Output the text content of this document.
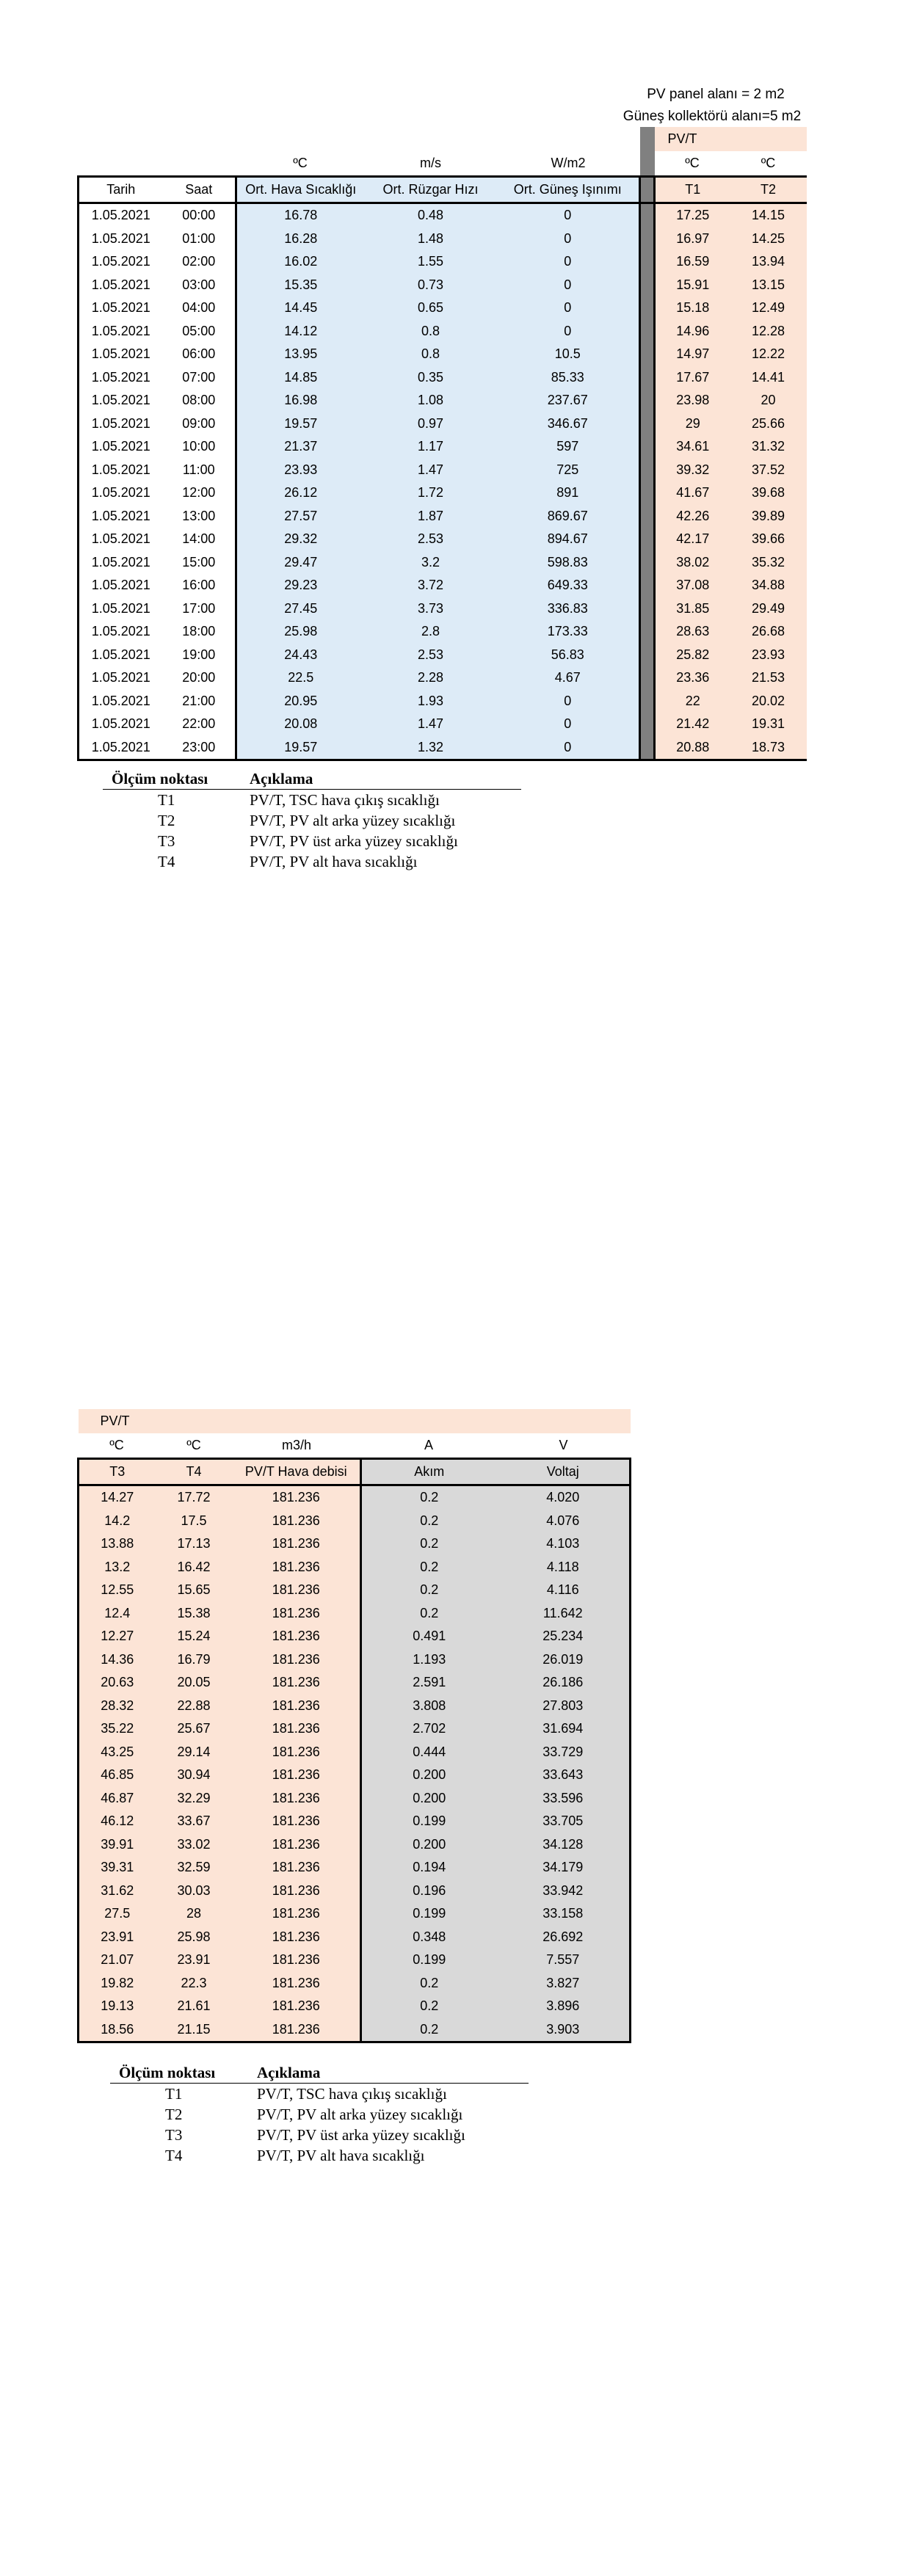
PV panel alanı = 2 m2
Güneş kollektörü alanı=5 m2
						PV/T	
		ºC	m/s	W/m2		ºC	ºC
Tarih	Saat	Ort. Hava Sıcaklığı	Ort. Rüzgar Hızı	Ort. Güneş Işınımı		T1	T2
1.05.2021	00:00	16.78	0.48	0		17.25	14.15
1.05.2021	01:00	16.28	1.48	0		16.97	14.25
1.05.2021	02:00	16.02	1.55	0		16.59	13.94
1.05.2021	03:00	15.35	0.73	0		15.91	13.15
1.05.2021	04:00	14.45	0.65	0		15.18	12.49
1.05.2021	05:00	14.12	0.8	0		14.96	12.28
1.05.2021	06:00	13.95	0.8	10.5		14.97	12.22
1.05.2021	07:00	14.85	0.35	85.33		17.67	14.41
1.05.2021	08:00	16.98	1.08	237.67		23.98	20
1.05.2021	09:00	19.57	0.97	346.67		29	25.66
1.05.2021	10:00	21.37	1.17	597		34.61	31.32
1.05.2021	11:00	23.93	1.47	725		39.32	37.52
1.05.2021	12:00	26.12	1.72	891		41.67	39.68
1.05.2021	13:00	27.57	1.87	869.67		42.26	39.89
1.05.2021	14:00	29.32	2.53	894.67		42.17	39.66
1.05.2021	15:00	29.47	3.2	598.83		38.02	35.32
1.05.2021	16:00	29.23	3.72	649.33		37.08	34.88
1.05.2021	17:00	27.45	3.73	336.83		31.85	29.49
1.05.2021	18:00	25.98	2.8	173.33		28.63	26.68
1.05.2021	19:00	24.43	2.53	56.83		25.82	23.93
1.05.2021	20:00	22.5	2.28	4.67		23.36	21.53
1.05.2021	21:00	20.95	1.93	0		22	20.02
1.05.2021	22:00	20.08	1.47	0		21.42	19.31
1.05.2021	23:00	19.57	1.32	0		20.88	18.73
Ölçüm noktası	Açıklama
T1	PV/T, TSC hava çıkış sıcaklığı
T2	PV/T, PV alt arka yüzey sıcaklığı
T3	PV/T, PV üst arka yüzey sıcaklığı
T4	PV/T, PV alt hava sıcaklığı
PV/T				
ºC	ºC	m3/h	A	V
T3	T4	PV/T Hava debisi	Akım	Voltaj
14.27	17.72	181.236	0.2	4.020
14.2	17.5	181.236	0.2	4.076
13.88	17.13	181.236	0.2	4.103
13.2	16.42	181.236	0.2	4.118
12.55	15.65	181.236	0.2	4.116
12.4	15.38	181.236	0.2	11.642
12.27	15.24	181.236	0.491	25.234
14.36	16.79	181.236	1.193	26.019
20.63	20.05	181.236	2.591	26.186
28.32	22.88	181.236	3.808	27.803
35.22	25.67	181.236	2.702	31.694
43.25	29.14	181.236	0.444	33.729
46.85	30.94	181.236	0.200	33.643
46.87	32.29	181.236	0.200	33.596
46.12	33.67	181.236	0.199	33.705
39.91	33.02	181.236	0.200	34.128
39.31	32.59	181.236	0.194	34.179
31.62	30.03	181.236	0.196	33.942
27.5	28	181.236	0.199	33.158
23.91	25.98	181.236	0.348	26.692
21.07	23.91	181.236	0.199	7.557
19.82	22.3	181.236	0.2	3.827
19.13	21.61	181.236	0.2	3.896
18.56	21.15	181.236	0.2	3.903
Ölçüm noktası	Açıklama
T1	PV/T, TSC hava çıkış sıcaklığı
T2	PV/T, PV alt arka yüzey sıcaklığı
T3	PV/T, PV üst arka yüzey sıcaklığı
T4	PV/T, PV alt hava sıcaklığı
